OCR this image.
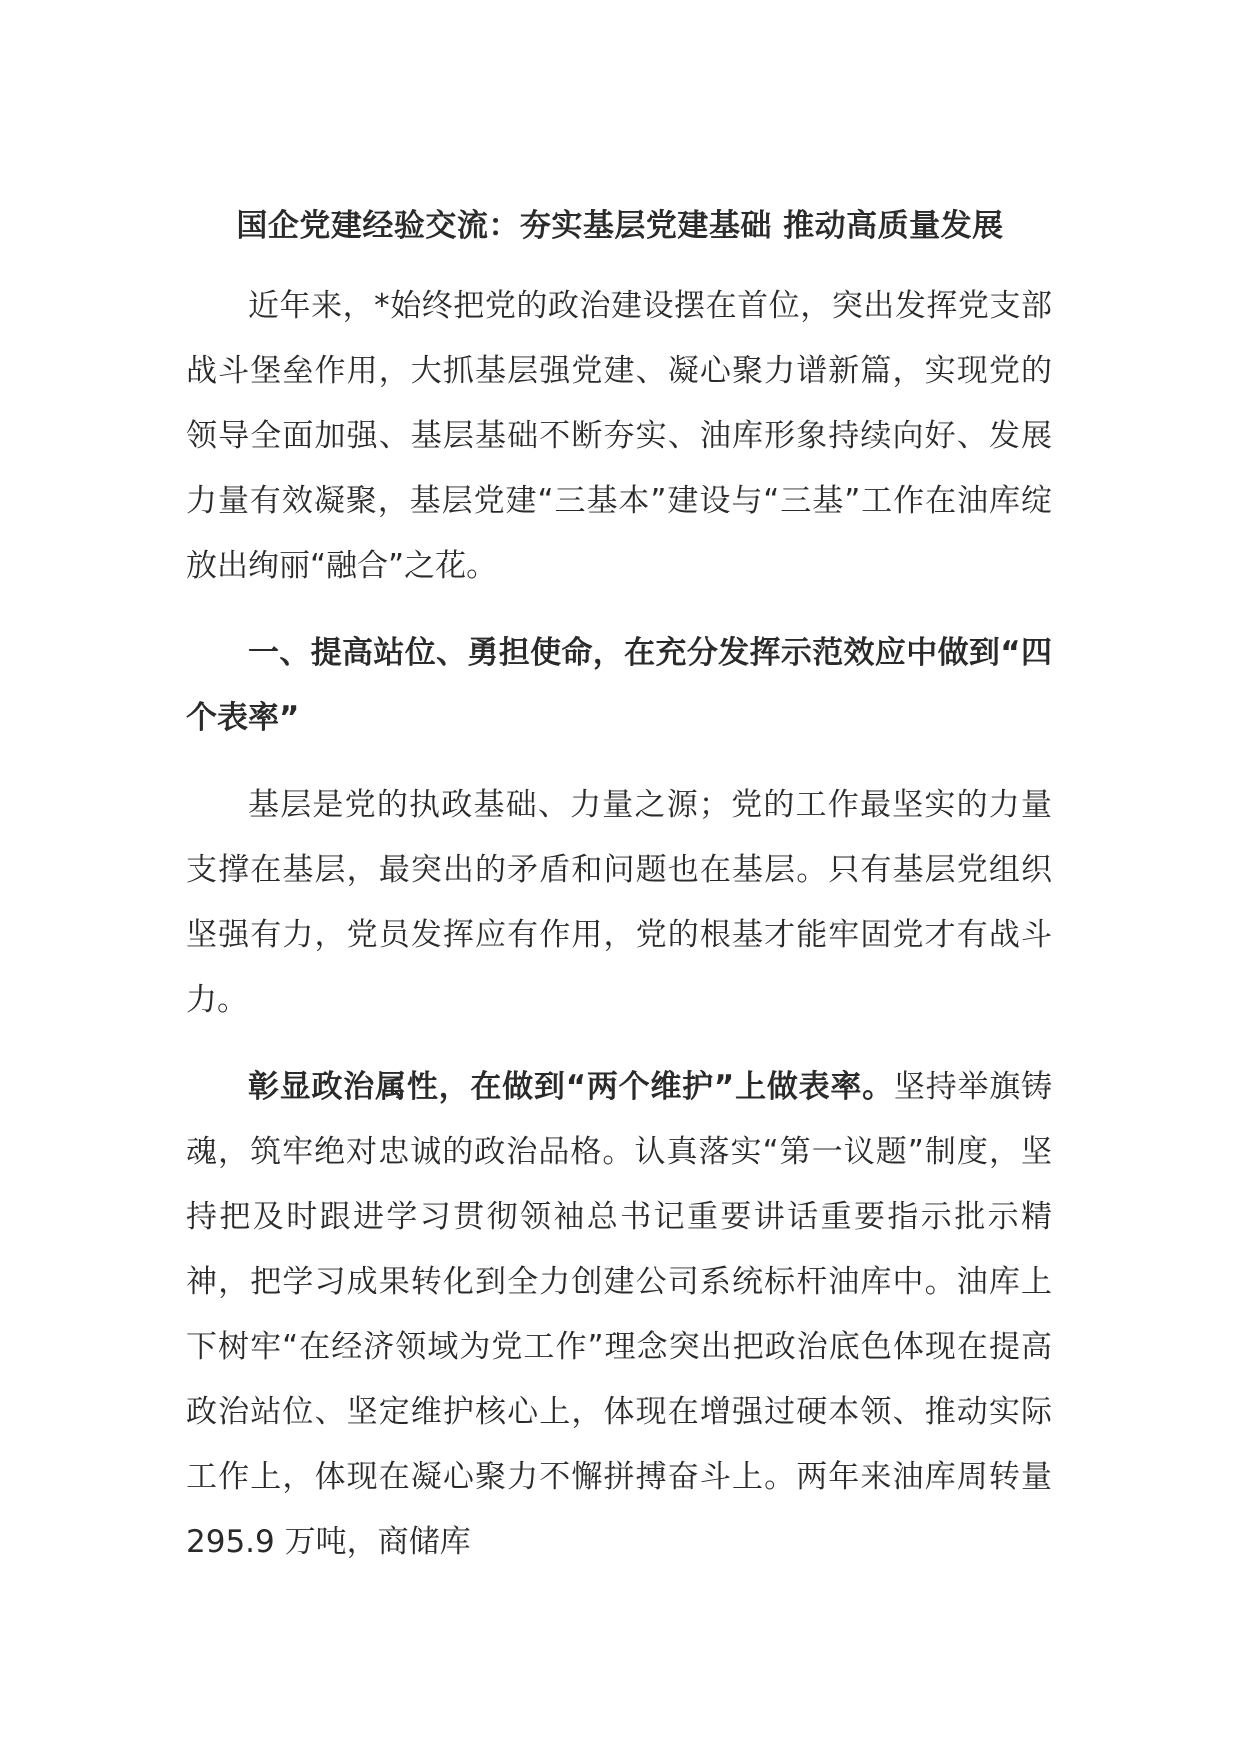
国企党建经验交流：夯实基层党建基础 推动高质量发展

近年来，*始终把党的政治建设摆在首位，突出发挥党支部战斗堡垒作用，大抓基层强党建、凝心聚力谱新篇，实现党的领导全面加强、基层基础不断夯实、油库形象持续向好、发展力量有效凝聚，基层党建“三基本”建设与“三基”工作在油库绽放出绚丽“融合”之花。

一、提高站位、勇担使命，在充分发挥示范效应中做到“四个表率”

基层是党的执政基础、力量之源；党的工作最坚实的力量支撑在基层，最突出的矛盾和问题也在基层。只有基层党组织坚强有力，党员发挥应有作用，党的根基才能牢固党才有战斗力。

彰显政治属性，在做到“两个维护”上做表率。坚持举旗铸魂，筑牢绝对忠诚的政治品格。认真落实“第一议题”制度，坚持把及时跟进学习贯彻领袖总书记重要讲话重要指示批示精神，把学习成果转化到全力创建公司系统标杆油库中。油库上下树牢“在经济领域为党工作”理念突出把政治底色体现在提高政治站位、坚定维护核心上，体现在增强过硬本领、推动实际工作上，体现在凝心聚力不懈拼搏奋斗上。两年来油库周转量 295.9 万吨，商储库
